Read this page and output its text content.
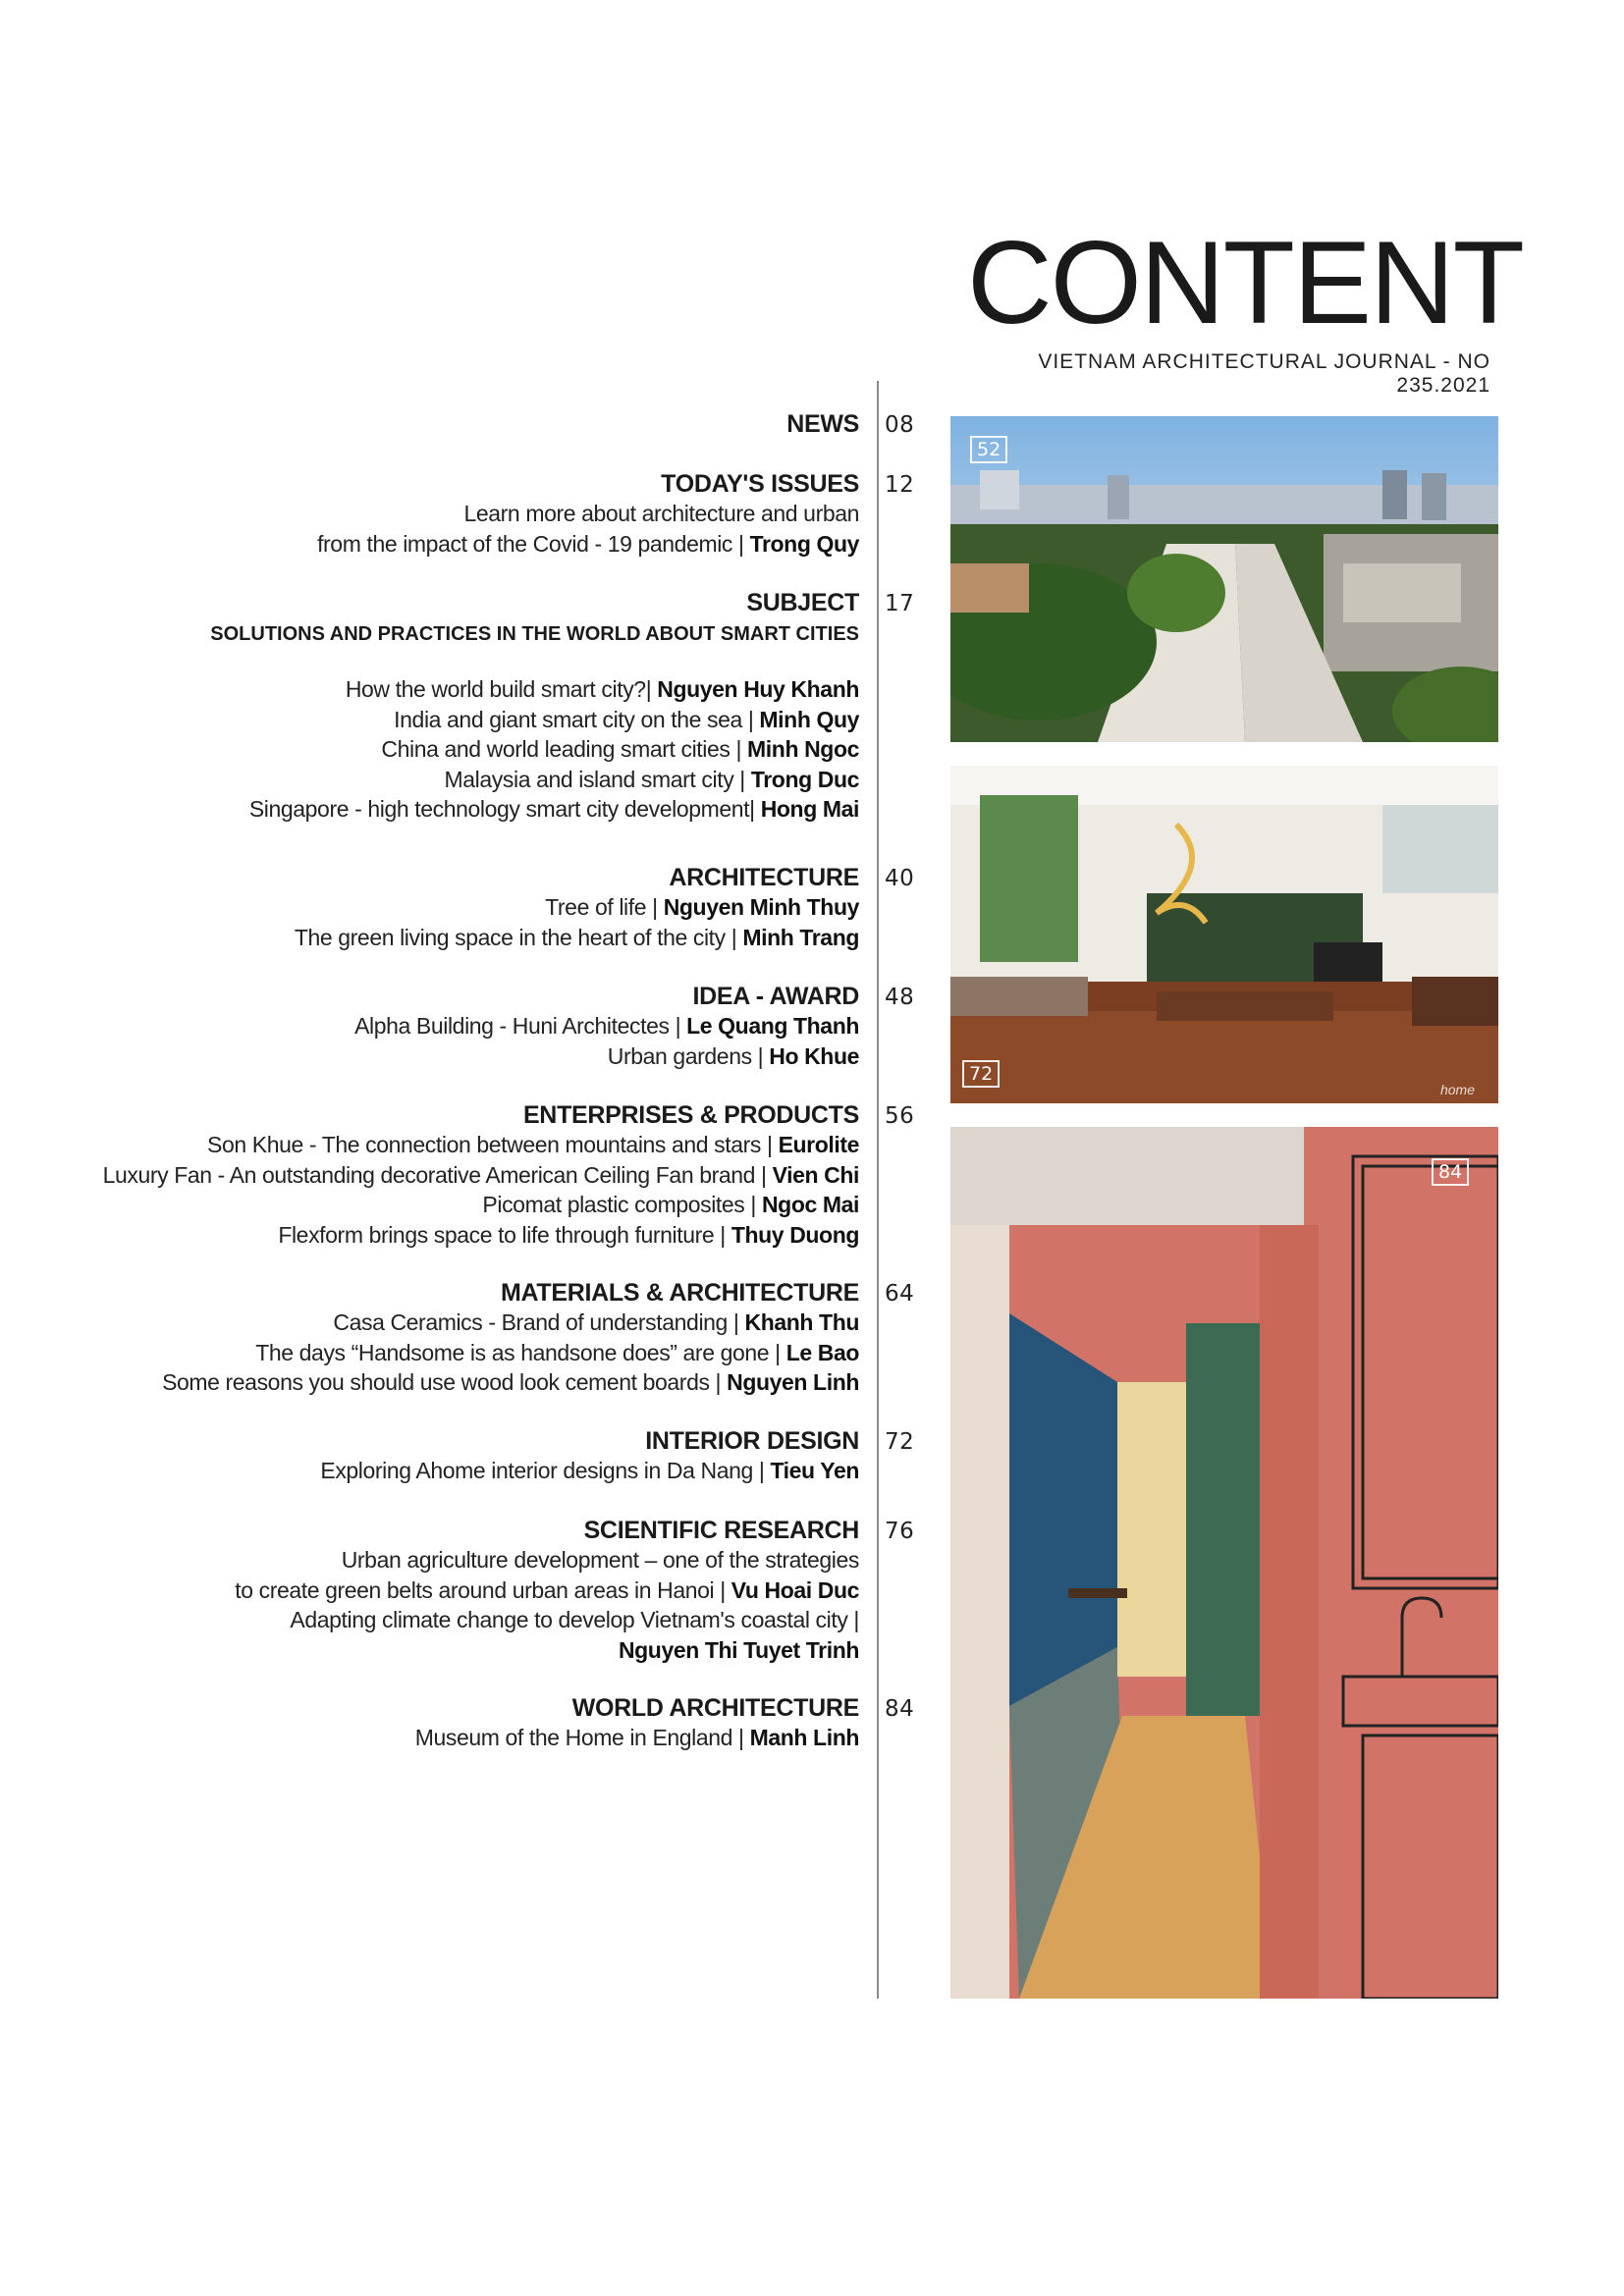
CONTENT
VIETNAM ARCHITECTURAL JOURNAL - NO 235.2021
NEWS 08
TODAY'S ISSUES
Learn more about architecture and urban
from the impact of the Covid - 19 pandemic | Trong Quy
12
SUBJECT
SOLUTIONS AND PRACTICES IN THE WORLD ABOUT SMART CITIES
How the world build smart city?| Nguyen Huy Khanh
India and giant smart city on the sea | Minh Quy
China and world leading smart cities | Minh Ngoc
Malaysia and island smart city | Trong Duc
Singapore - high technology smart city development| Hong Mai
17
ARCHITECTURE
Tree of life | Nguyen Minh Thuy
The green living space in the heart of the city | Minh Trang
40
IDEA - AWARD
Alpha Building - Huni Architectes | Le Quang Thanh
Urban gardens | Ho Khue
48
ENTERPRISES & PRODUCTS
Son Khue - The connection between mountains and stars | Eurolite
Luxury Fan - An outstanding decorative American Ceiling Fan brand | Vien Chi
Picomat plastic composites | Ngoc Mai
Flexform brings space to life through furniture | Thuy Duong
56
MATERIALS & ARCHITECTURE
Casa Ceramics - Brand of understanding | Khanh Thu
The days “Handsome is as handsone does” are gone | Le Bao
Some reasons you should use wood look cement boards | Nguyen Linh
64
INTERIOR DESIGN
Exploring Ahome interior designs in Da Nang | Tieu Yen
72
SCIENTIFIC RESEARCH
Urban agriculture development – one of the strategies
to create green belts around urban areas in Hanoi | Vu Hoai Duc
Adapting climate change to develop Vietnam's coastal city |
Nguyen Thi Tuyet Trinh
76
WORLD ARCHITECTURE
Museum of the Home in England | Manh Linh
84
52
72
home
84
